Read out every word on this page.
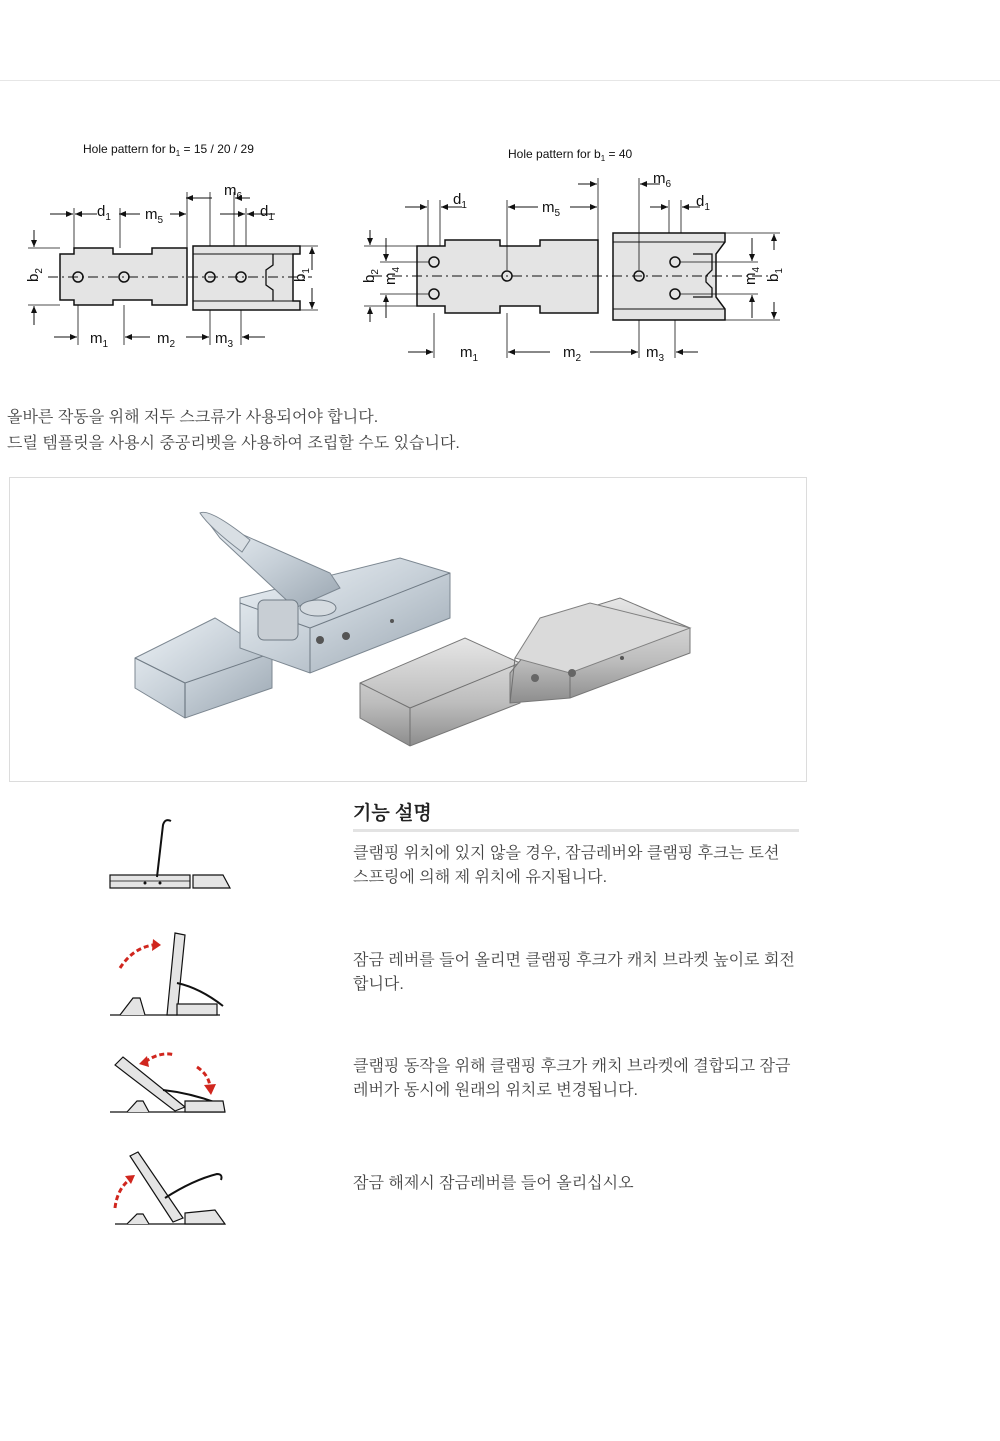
Hole pattern for $b_1 = 15 / 20 / 29$
$d_1$ $m_5$
$m_6$
$d_1$
$m_1$	$m_2$	$m_3$
$b_2$
$b_1$
Hole pattern for $b_1 = 40$
$d_1$	$m_5$
$m_6$
$d_1$
$m_1$	$m_2$	$m_3$
$b_2$
$m_4$
$m_4$
$b_1$

올바른 작동을 위해 저두 스크류가 사용되어야 합니다.

드릴 템플릿을 사용시 중공리벳을 사용하여 조립할 수도 있습니다.

기능 설명

클램핑 위치에 있지 않을 경우, 잠금레버와 클램핑 후크는 토션 스프링에 의해 제 위치에 유지됩니다.

잠금 레버를 들어 올리면 클램핑 후크가 캐치 브라켓 높이로 회전합니다.

클램핑 동작을 위해 클램핑 후크가 캐치 브라켓에 결합되고 잠금레버가 동시에 원래의 위치로 변경됩니다.

잠금 해제시 잠금레버를 들어 올리십시오
